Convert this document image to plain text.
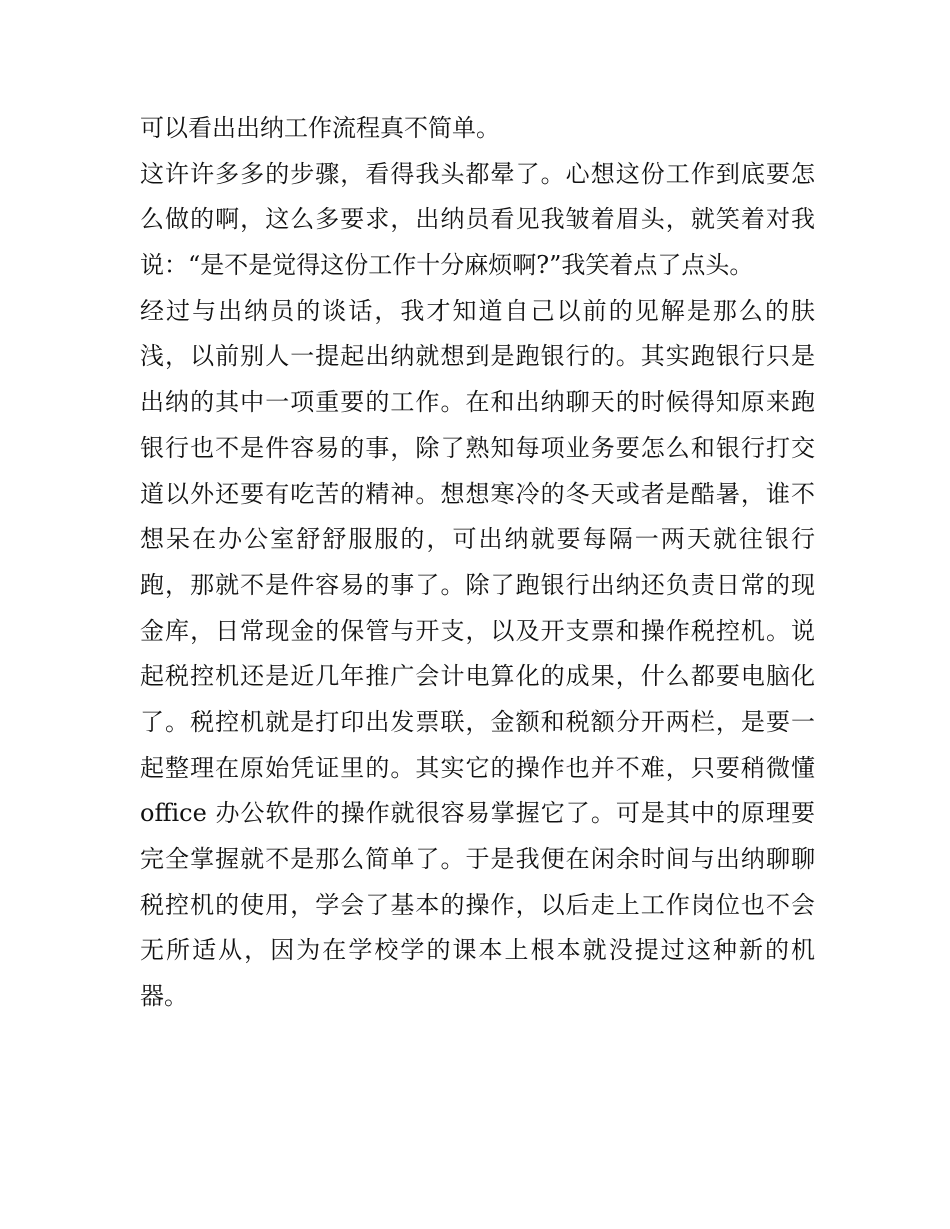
可以看出出纳工作流程真不简单。
这许许多多的步骤，看得我头都晕了。心想这份工作到底要怎
么做的啊，这么多要求，出纳员看见我皱着眉头，就笑着对我
说：“是不是觉得这份工作十分麻烦啊?”我笑着点了点头。
经过与出纳员的谈话，我才知道自己以前的见解是那么的肤
浅，以前别人一提起出纳就想到是跑银行的。其实跑银行只是
出纳的其中一项重要的工作。在和出纳聊天的时候得知原来跑
银行也不是件容易的事，除了熟知每项业务要怎么和银行打交
道以外还要有吃苦的精神。想想寒冷的冬天或者是酷暑，谁不
想呆在办公室舒舒服服的，可出纳就要每隔一两天就往银行
跑，那就不是件容易的事了。除了跑银行出纳还负责日常的现
金库，日常现金的保管与开支，以及开支票和操作税控机。说
起税控机还是近几年推广会计电算化的成果，什么都要电脑化
了。税控机就是打印出发票联，金额和税额分开两栏，是要一
起整理在原始凭证里的。其实它的操作也并不难，只要稍微懂
office 办公软件的操作就很容易掌握它了。可是其中的原理要
完全掌握就不是那么简单了。于是我便在闲余时间与出纳聊聊
税控机的使用，学会了基本的操作，以后走上工作岗位也不会
无所适从，因为在学校学的课本上根本就没提过这种新的机
器。
